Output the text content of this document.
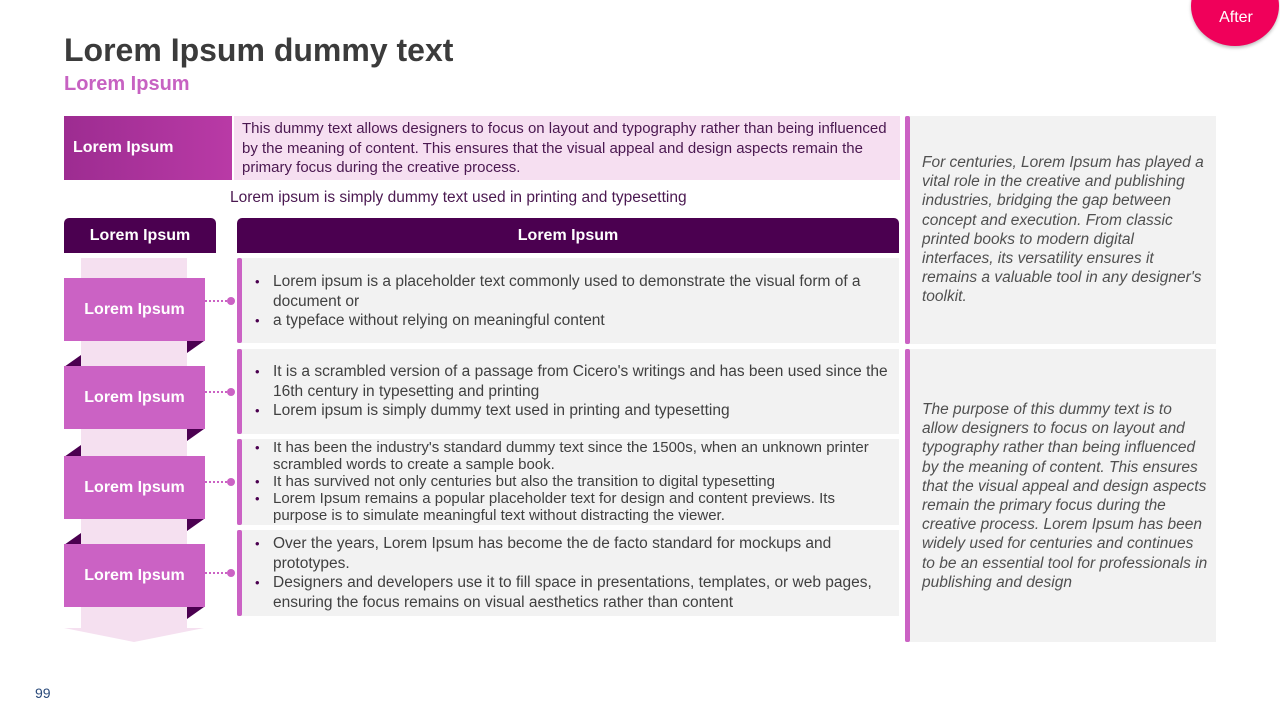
Lorem Ipsum dummy text
Lorem Ipsum
After
Lorem Ipsum
This dummy text allows designers to focus on layout and typography rather than being influenced by the meaning of content. This ensures that the visual appeal and design aspects remain the primary focus during the creative process.
Lorem ipsum is simply dummy text used in printing and typesetting
Lorem Ipsum	Lorem Ipsum
Lorem Ipsum
• Lorem ipsum is a placeholder text commonly used to demonstrate the visual form of a document or
• a typeface without relying on meaningful content
Lorem Ipsum
• It is a scrambled version of a passage from Cicero's writings and has been used since the 16th century in typesetting and printing
• Lorem ipsum is simply dummy text used in printing and typesetting
Lorem Ipsum
• It has been the industry's standard dummy text since the 1500s, when an unknown printer scrambled words to create a sample book.
• It has survived not only centuries but also the transition to digital typesetting
• Lorem Ipsum remains a popular placeholder text for design and content previews. Its purpose is to simulate meaningful text without distracting the viewer.
Lorem Ipsum
• Over the years, Lorem Ipsum has become the de facto standard for mockups and prototypes.
• Designers and developers use it to fill space in presentations, templates, or web pages, ensuring the focus remains on visual aesthetics rather than content
For centuries, Lorem Ipsum has played a vital role in the creative and publishing industries, bridging the gap between concept and execution. From classic printed books to modern digital interfaces, its versatility ensures it remains a valuable tool in any designer's toolkit.
The purpose of this dummy text is to allow designers to focus on layout and typography rather than being influenced by the meaning of content. This ensures that the visual appeal and design aspects remain the primary focus during the creative process. Lorem Ipsum has been widely used for centuries and continues to be an essential tool for professionals in publishing and design
99
